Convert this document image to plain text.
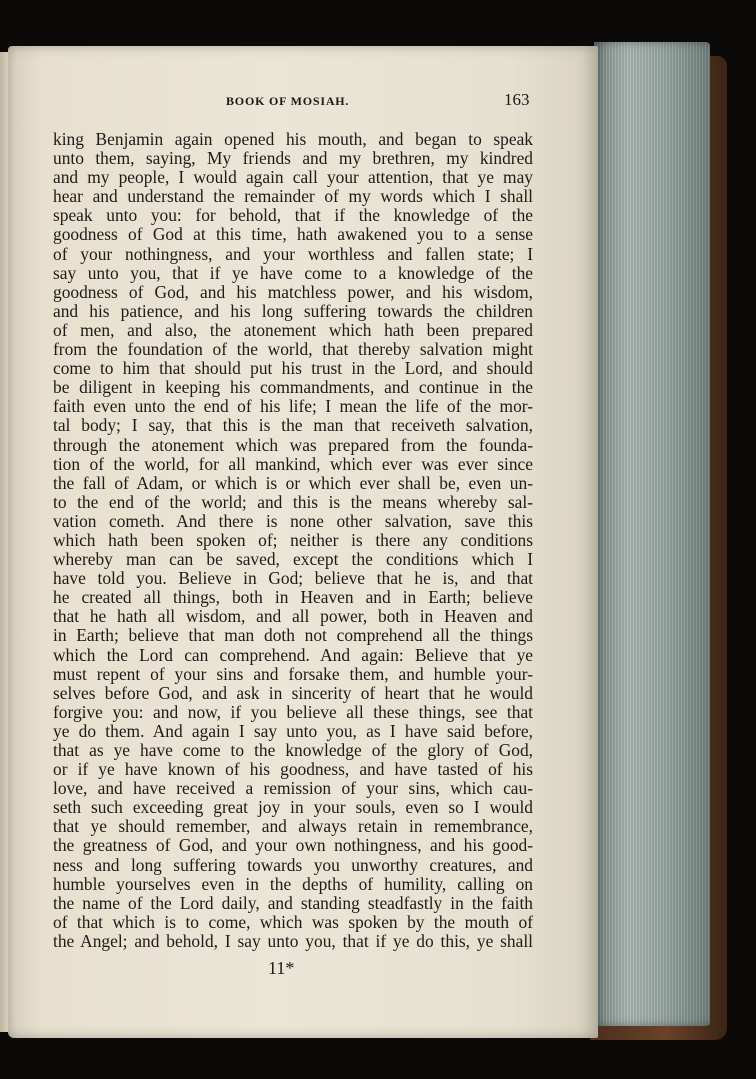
BOOK OF MOSIAH.	163
king Benjamin again opened his mouth, and began to speak
unto them, saying, My friends and my brethren, my kindred
and my people, I would again call your attention, that ye may
hear and understand the remainder of my words which I shall
speak unto you: for behold, that if the knowledge of the
goodness of God at this time, hath awakened you to a sense
of your nothingness, and your worthless and fallen state; I
say unto you, that if ye have come to a knowledge of the
goodness of God, and his matchless power, and his wisdom,
and his patience, and his long suffering towards the children
of men, and also, the atonement which hath been prepared
from the foundation of the world, that thereby salvation might
come to him that should put his trust in the Lord, and should
be diligent in keeping his commandments, and continue in the
faith even unto the end of his life; I mean the life of the mor-
tal body; I say, that this is the man that receiveth salvation,
through the atonement which was prepared from the founda-
tion of the world, for all mankind, which ever was ever since
the fall of Adam, or which is or which ever shall be, even un-
to the end of the world; and this is the means whereby sal-
vation cometh. And there is none other salvation, save this
which hath been spoken of; neither is there any conditions
whereby man can be saved, except the conditions which I
have told you. Believe in God; believe that he is, and that
he created all things, both in Heaven and in Earth; believe
that he hath all wisdom, and all power, both in Heaven and
in Earth; believe that man doth not comprehend all the things
which the Lord can comprehend. And again: Believe that ye
must repent of your sins and forsake them, and humble your-
selves before God, and ask in sincerity of heart that he would
forgive you: and now, if you believe all these things, see that
ye do them. And again I say unto you, as I have said before,
that as ye have come to the knowledge of the glory of God,
or if ye have known of his goodness, and have tasted of his
love, and have received a remission of your sins, which cau-
seth such exceeding great joy in your souls, even so I would
that ye should remember, and always retain in remembrance,
the greatness of God, and your own nothingness, and his good-
ness and long suffering towards you unworthy creatures, and
humble yourselves even in the depths of humility, calling on
the name of the Lord daily, and standing steadfastly in the faith
of that which is to come, which was spoken by the mouth of
the Angel; and behold, I say unto you, that if ye do this, ye shall
11*
